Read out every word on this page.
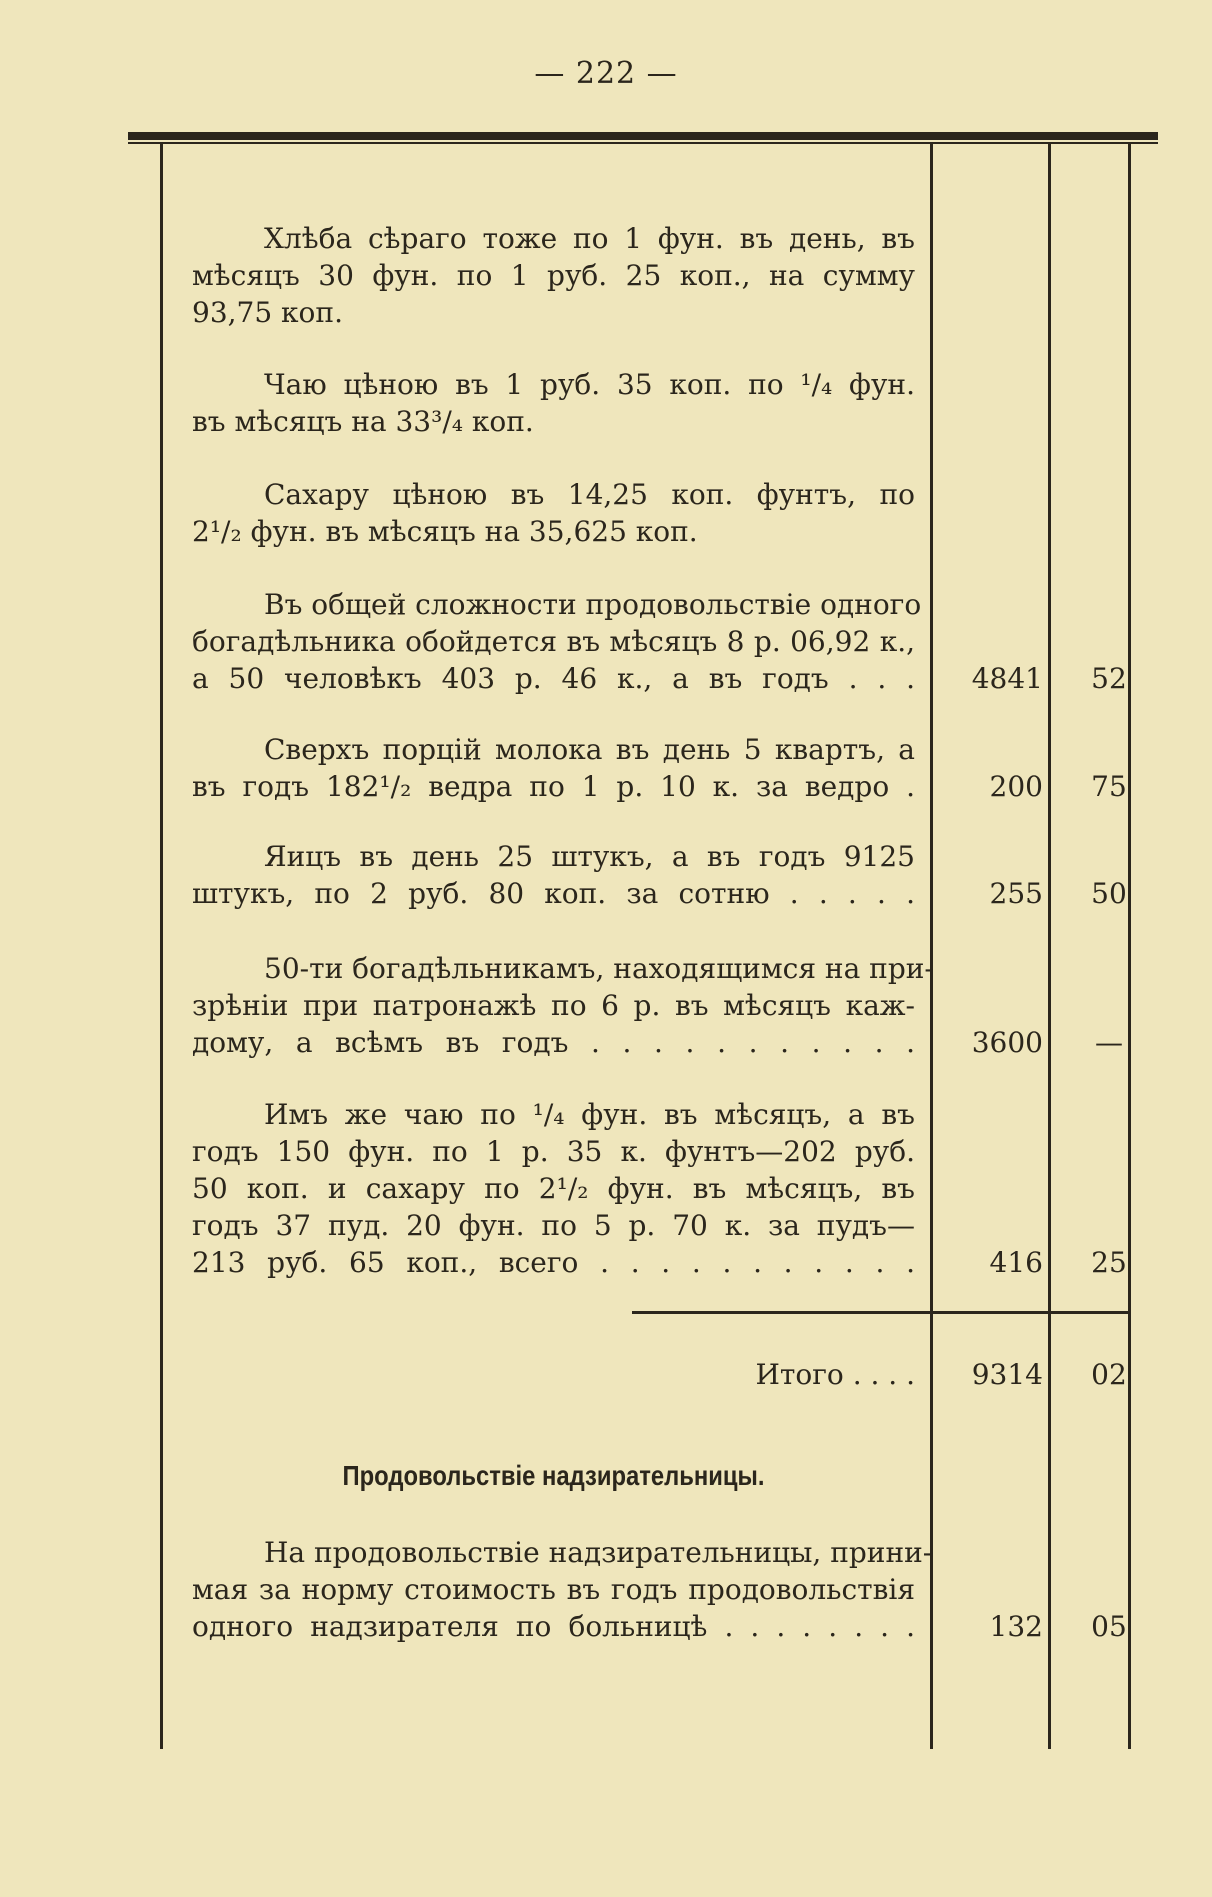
— 222 —
Хлѣба сѣраго тоже по 1 фун. въ день, въ
мѣсяцъ 30 фун. по 1 руб. 25 коп., на сумму
93,75 коп.
Чаю цѣною въ 1 руб. 35 коп. по ¹/₄ фун.
въ мѣсяцъ на 33³/₄ коп.
Сахару цѣною въ 14,25 коп. фунтъ, по
2¹/₂ фун. въ мѣсяцъ на 35,625 коп.
Въ общей сложности продовольствіе одного
богадѣльника обойдется въ мѣсяцъ 8 р. 06,92 к.,
а 50 человѣкъ 403 р. 46 к., а въ годъ . . .	4841	52
Сверхъ порцій молока въ день 5 квартъ, а
въ годъ 182¹/₂ ведра по 1 р. 10 к. за ведро .	200	75
Яицъ въ день 25 штукъ, а въ годъ 9125
штукъ, по 2 руб. 80 коп. за сотню . . . . .	255	50
50-ти богадѣльникамъ, находящимся на при-
зрѣніи при патронажѣ по 6 р. въ мѣсяцъ каж-
дому, а всѣмъ въ годъ . . . . . . . . . . .	3600	—
Имъ же чаю по ¹/₄ фун. въ мѣсяцъ, а въ
годъ 150 фун. по 1 р. 35 к. фунтъ—202 руб.
50 коп. и сахару по 2¹/₂ фун. въ мѣсяцъ, въ
годъ 37 пуд. 20 фун. по 5 р. 70 к. за пудъ—
213 руб. 65 коп., всего . . . . . . . . . . .	416	25
Итого . . . .	9314	02
Продовольствіе надзирательницы.
На продовольствіе надзирательницы, прини-
мая за норму стоимость въ годъ продовольствія
одного надзирателя по больницѣ . . . . . . . .	132	05
